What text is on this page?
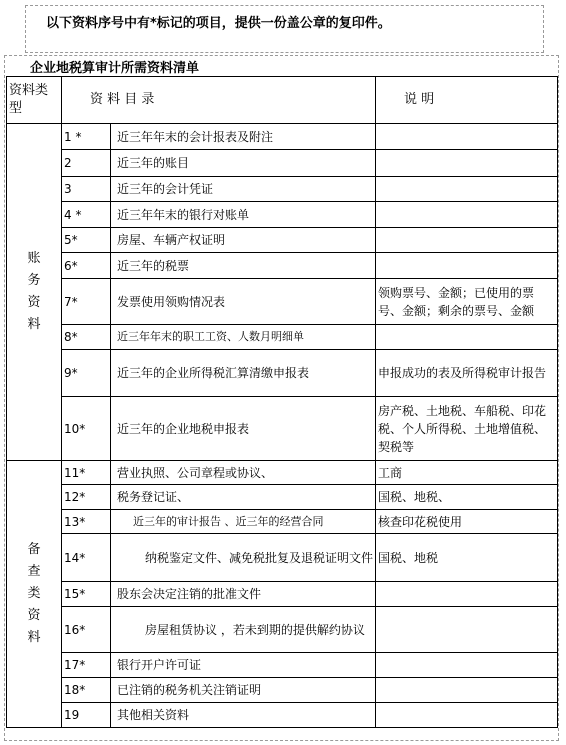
以下资料序号中有*标记的项目，提供一份盖公章的复印件。
企业地税算审计所需资料清单
资料类型	资 料 目 录		说 明
账务资料	1 *	近三年年末的会计报表及附注	
	2	近三年的账目	
	3	近三年的会计凭证	
	4 *	近三年年末的银行对账单	
	5*	房屋、车辆产权证明	
	6*	近三年的税票	
	7*	发票使用领购情况表	领购票号、金额；已使用的票号、金额；剩余的票号、金额
	8*	近三年年末的职工工资、人数月明细单	
	9*	近三年的企业所得税汇算清缴申报表	申报成功的表及所得税审计报告
	10*	近三年的企业地税申报表	房产税、土地税、车船税、印花税、个人所得税、土地增值税、契税等
备查类资料	11*	营业执照、公司章程或协议、	工商
	12*	税务登记证、	国税、地税、
	13*	近三年的审计报告 、近三年的经营合同	核查印花税使用
	14*	纳税鉴定文件、减免税批复及退税证明文件	国税、地税
	15*	股东会决定注销的批准文件	
	16*	房屋租赁协议 ，若未到期的提供解约协议	
	17*	银行开户许可证	
	18*	已注销的税务机关注销证明	
	19	其他相关资料	
